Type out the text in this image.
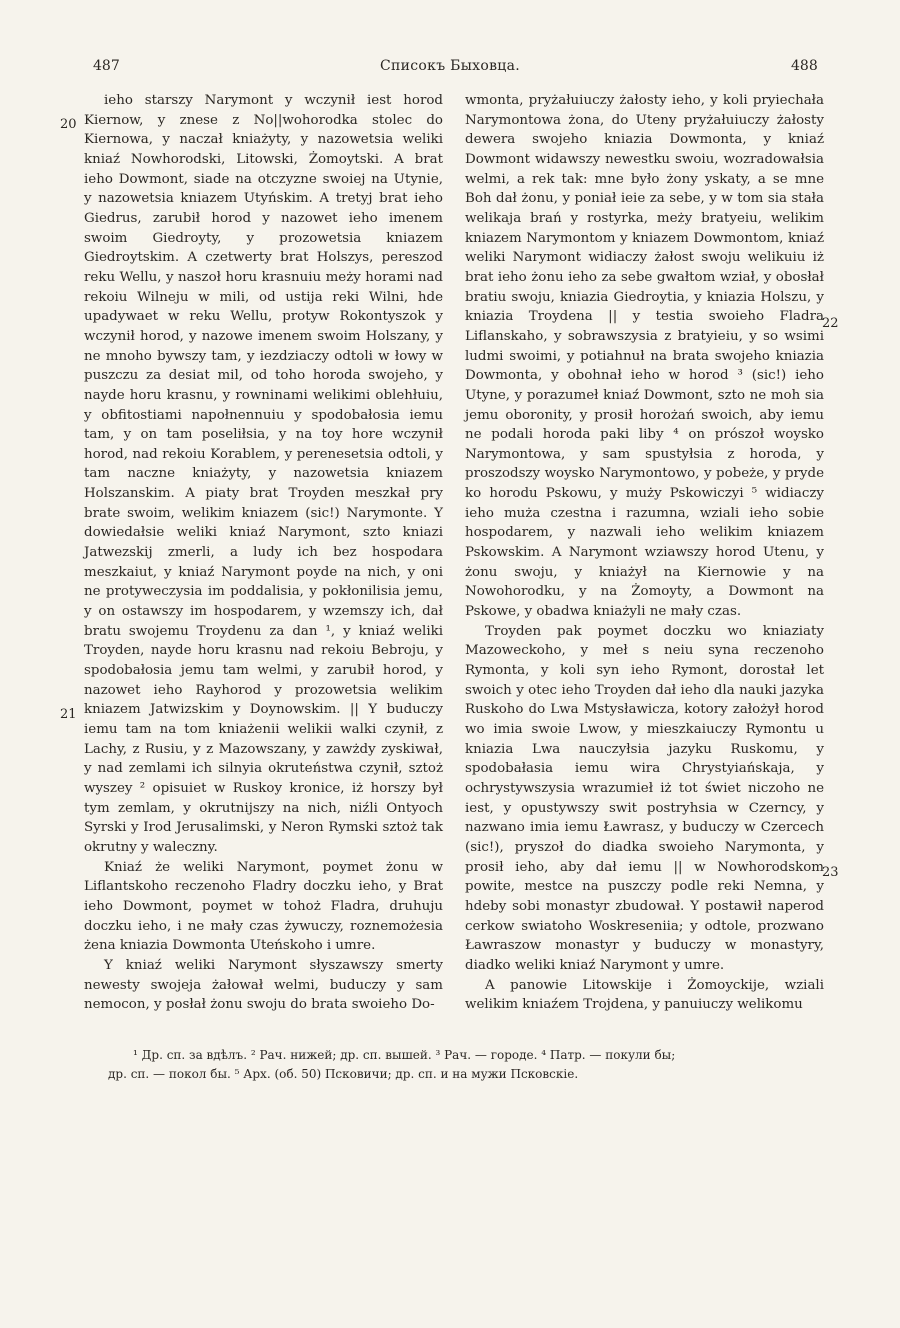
487	Списокъ Быховца.	488
20
21
22
23

ieho starszy Narymont y wczynił iest horod Kiernow, y znese z No||wohorodka stolec do Kiernowa, y naczał kniażyty, y nazowetsia weliki kniaź Nowhorodski, Litowski, Żomoytski. A brat ieho Dowmont, siade na otczyzne swoiej na Utynie, y nazowetsia kniazem Utyńskim. A tretyj brat ieho Giedrus, zarubił horod y nazowet ieho imenem swoim Giedroyty, y prozowetsia kniazem Giedroytskim. A czetwerty brat Holszys, pereszod reku Wellu, y naszoł horu krasnuiu meży horami nad rekoiu Wilneju w mili, od ustija reki Wilni, hde upadywaet w reku Wellu, protyw Rokontyszok y wczynił horod, y nazowe imenem swoim Holszany, y ne mnoho bywszy tam, y iezdziaczy odtoli w łowy w puszczu za desiat mil, od toho horoda swojeho, y nayde horu krasnu, y rowninami welikimi oblehłuiu, y obfitostiami napołnennuiu y spodobałosia iemu tam, y on tam poseliłsia, y na toy hore wczynił horod, nad rekoiu Korablem, y perenesetsia odtoli, y tam naczne kniażyty, y nazowetsia kniazem Holszanskim. A piaty brat Troyden meszkał pry brate swoim, welikim kniazem (sic!) Narymonte. Y dowiedałsie weliki kniaź Narymont, szto kniazi Jatwezskij zmerli, a ludy ich bez hospodara meszkaiut, y kniaź Narymont poyde na nich, y oni ne protyweczysia im poddalisia, y pokłonilisia jemu, y on ostawszy im hospodarem, y wzemszy ich, dał bratu swojemu Troydenu za dan ¹, y kniaź weliki Troyden, nayde horu krasnu nad rekoiu Bebroju, y spodobałosia jemu tam welmi, y zarubił horod, y nazowet ieho Rayhorod y prozowetsia welikim kniazem Jatwizskim y Doynowskim. || Y buduczy iemu tam na tom kniażenii welikii walki czynił, z Lachy, z Rusiu, y z Mazowszany, y zawżdy zyskiwał, y nad zemlami ich silnyia okruteństwa czynił, sztoż wyszey ² opisuiet w Ruskoy kronice, iż horszy był tym zemlam, y okrutnijszy na nich, niźli Ontyoch Syrski y Irod Jerusalimski, y Neron Rymski sztoż tak okrutny y waleczny.

Kniaź że weliki Narymont, poymet żonu w Liflantskoho reczenoho Fladry doczku ieho, y Brat ieho Dowmont, poymet w tohoż Fladra, druhuju doczku ieho, i ne mały czas żywuczy, roznemożesia żena kniazia Dowmonta Uteńskoho i umre.

Y kniaź weliki Narymont słyszawszy smerty newesty swojeja żałował welmi, buduczy y sam nemocon, y posłał żonu swoju do brata swoieho Do-

wmonta, pryżałuiuczy żałosty ieho, y koli pryiechała Narymontowa żona, do Uteny pryżałuiuczy żałosty dewera swojeho kniazia Dowmonta, y kniaź Dowmont widawszy newestku swoiu, wozradowałsia welmi, a rek tak: mne było żony yskaty, a se mne Boh dał żonu, y poniał ieie za sebe, y w tom sia stała welikaja brań y rostyrka, meży bratyeiu, welikim kniazem Narymontom y kniazem Dowmontom, kniaź weliki Narymont widiaczy żałost swoju welikuiu iż brat ieho żonu ieho za sebe gwałtom wział, y obosłał bratiu swoju, kniazia Giedroytia, y kniazia Holszu, y kniazia Troydena || y testia swoieho Fladra Liflanskaho, y sobrawszysia z bratyieiu, y so wsimi ludmi swoimi, y potiahnuł na brata swojeho kniazia Dowmonta, y obohnał ieho w horod ³ (sic!) ieho Utyne, y porazumeł kniaź Dowmont, szto ne moh sia jemu oboronity, y prosił horożań swoich, aby iemu ne podali horoda paki liby ⁴ on prószoł woysko Narymontowa, y sam spustyłsia z horoda, y proszodszy woysko Narymontowo, y pobeże, y pryde ko horodu Pskowu, y muży Pskowiczyi ⁵ widiaczy ieho muża czestna i razumna, wziali ieho sobie hospodarem, y nazwali ieho welikim kniazem Pskowskim. A Narymont wziawszy horod Utenu, y żonu swoju, y kniażył na Kiernowie y na Nowohorodku, y na Żomoyty, a Dowmont na Pskowe, y obadwa kniażyli ne mały czas.

Troyden pak poymet doczku wo kniaziaty Mazoweckoho, y meł s neiu syna reczenoho Rymonta, y koli syn ieho Rymont, dorostał let swoich y otec ieho Troyden dał ieho dla nauki jazyka Ruskoho do Lwa Mstysławicza, kotory założył horod wo imia swoie Lwow, y mieszkaiuczy Rymontu u kniazia Lwa nauczyłsia jazyku Ruskomu, y spodobałasia iemu wira Chrystyiańskaja, y ochrystywszysia wrazumieł iż tot świet niczoho ne iest, y opustywszy swit postryhsia w Czerncy, y nazwano imia iemu Ławrasz, y buduczy w Czercech (sic!), pryszoł do diadka swoieho Narymonta, y prosił ieho, aby dał iemu || w Nowhorodskom powite, mestce na puszczy podle reki Nemna, y hdeby sobi monastyr zbudował. Y postawił naperod cerkow swiatoho Woskreseniia; y odtole, prozwano Ławraszow monastyr y buduczy w monastyry, diadko weliki kniaź Narymont y umre.

A panowie Litowskije i Żomoyckije, wziali welikim kniaźem Trojdena, y panuiuczy welikomu

¹ Др. сп. за вдѣлъ. ² Рач. нижей; др. сп. вышей. ³ Рач. — городе. ⁴ Патр. — покули бы;
др. сп. — покол бы. ⁵ Арх. (об. 50) Псковичи; др. сп. и на мужи Псковскіе.
